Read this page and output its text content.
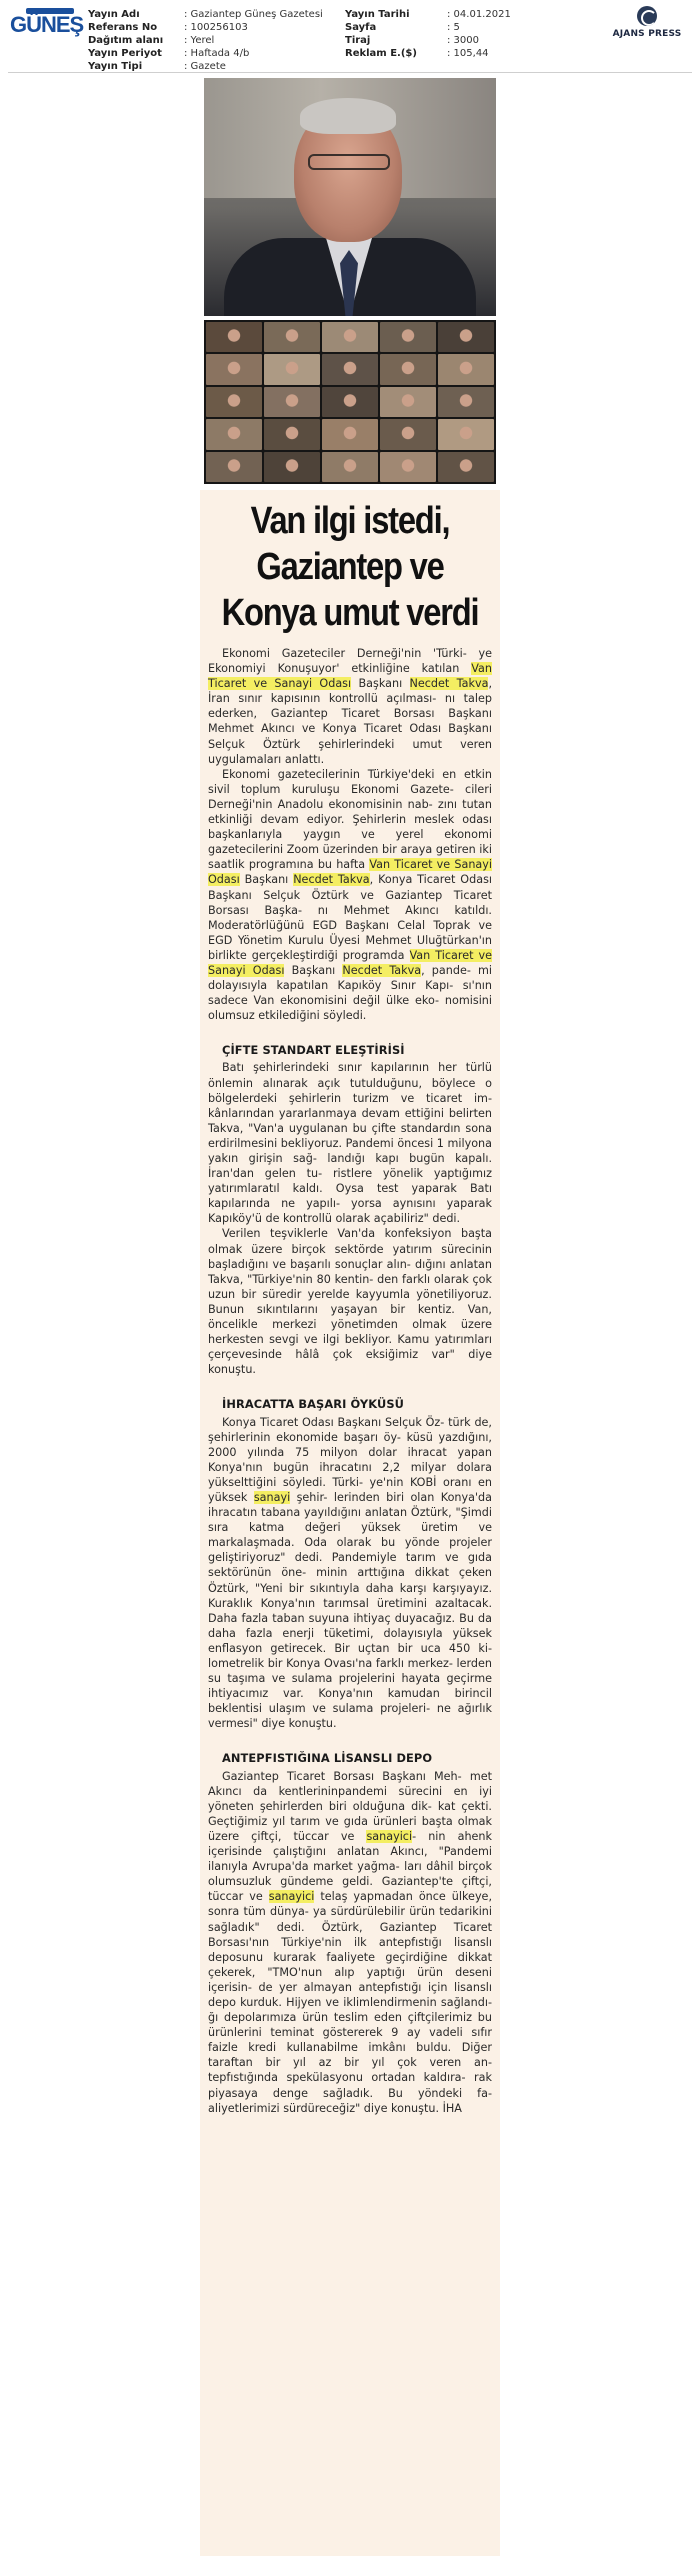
GÜNEŞ Yayın Adı	: Gaziantep Güneş Gazetesi
Referans No	: 100256103
Dağıtım alanı	: Yerel
Yayın Periyot	: Haftada 4/b
Yayın Tipi	: Gazete
Yayın Tarihi	: 04.01.2021
Sayfa	: 5
Tiraj	: 3000
Reklam E.($)	: 105,44
AJANS PRESS
Van ilgi istedi,
Gaziantep ve
Konya umut verdi

Ekonomi Gazeteciler Derneği'nin 'Türki- ye Ekonomiyi Konuşuyor' etkinliğine katılan Van Ticaret ve Sanayi Odası Başkanı Necdet Takva, İran sınır kapısının kontrollü açılması- nı talep ederken, Gaziantep Ticaret Borsası Başkanı Mehmet Akıncı ve Konya Ticaret Odası Başkanı Selçuk Öztürk şehirlerindeki umut veren uygulamaları anlattı.

Ekonomi gazetecilerinin Türkiye'deki en etkin sivil toplum kuruluşu Ekonomi Gazete- cileri Derneği'nin Anadolu ekonomisinin nab- zını tutan etkinliği devam ediyor. Şehirlerin meslek odası başkanlarıyla yaygın ve yerel ekonomi gazetecilerini Zoom üzerinden bir araya getiren iki saatlik programına bu hafta Van Ticaret ve Sanayi Odası Başkanı Necdet Takva, Konya Ticaret Odası Başkanı Selçuk Öztürk ve Gaziantep Ticaret Borsası Başka- nı Mehmet Akıncı katıldı. Moderatörlüğünü EGD Başkanı Celal Toprak ve EGD Yönetim Kurulu Üyesi Mehmet Uluğtürkan'ın birlikte gerçekleştirdiği programda Van Ticaret ve Sanayi Odası Başkanı Necdet Takva, pande- mi dolayısıyla kapatılan Kapıköy Sınır Kapı- sı'nın sadece Van ekonomisini değil ülke eko- nomisini olumsuz etkilediğini söyledi.

ÇİFTE STANDART ELEŞTİRİSİ

Batı şehirlerindeki sınır kapılarının her türlü önlemin alınarak açık tutulduğunu, böylece o bölgelerdeki şehirlerin turizm ve ticaret im- kânlarından yararlanmaya devam ettiğini belirten Takva, "Van'a uygulanan bu çifte standardın sona erdirilmesini bekliyoruz. Pandemi öncesi 1 milyona yakın girişin sağ- landığı kapı bugün kapalı. İran'dan gelen tu- ristlere yönelik yaptığımız yatırımlaratıl kaldı. Oysa test yaparak Batı kapılarında ne yapılı- yorsa aynısını yaparak Kapıköy'ü de kontrollü olarak açabiliriz" dedi.

Verilen teşviklerle Van'da konfeksiyon başta olmak üzere birçok sektörde yatırım sürecinin başladığını ve başarılı sonuçlar alın- dığını anlatan Takva, "Türkiye'nin 80 kentin- den farklı olarak çok uzun bir süredir yerelde kayyumla yönetiliyoruz. Bunun sıkıntılarını yaşayan bir kentiz. Van, öncelikle merkezi yönetimden olmak üzere herkesten sevgi ve ilgi bekliyor. Kamu yatırımları çerçevesinde hâlâ çok eksiğimiz var" diye konuştu.

İHRACATTA BAŞARI ÖYKÜSÜ

Konya Ticaret Odası Başkanı Selçuk Öz- türk de, şehirlerinin ekonomide başarı öy- küsü yazdığını, 2000 yılında 75 milyon dolar ihracat yapan Konya'nın bugün ihracatını 2,2 milyar dolara yükselttiğini söyledi. Türki- ye'nin KOBİ oranı en yüksek sanayi şehir- lerinden biri olan Konya'da ihracatın tabana yayıldığını anlatan Öztürk, "Şimdi sıra katma değeri yüksek üretim ve markalaşmada. Oda olarak bu yönde projeler geliştiriyoruz" dedi. Pandemiyle tarım ve gıda sektörünün öne- minin arttığına dikkat çeken Öztürk, "Yeni bir sıkıntıyla daha karşı karşıyayız. Kuraklık Konya'nın tarımsal üretimini azaltacak. Daha fazla taban suyuna ihtiyaç duyacağız. Bu da daha fazla enerji tüketimi, dolayısıyla yüksek enflasyon getirecek. Bir uçtan bir uca 450 ki- lometrelik bir Konya Ovası'na farklı merkez- lerden su taşıma ve sulama projelerini hayata geçirme ihtiyacımız var. Konya'nın kamudan birincil beklentisi ulaşım ve sulama projeleri- ne ağırlık vermesi" diye konuştu.

ANTEPFISTIĞINA LİSANSLI DEPO

Gaziantep Ticaret Borsası Başkanı Meh- met Akıncı da kentlerininpandemi sürecini en iyi yöneten şehirlerden biri olduğuna dik- kat çekti. Geçtiğimiz yıl tarım ve gıda ürünleri başta olmak üzere çiftçi, tüccar ve sanayici- nin ahenk içerisinde çalıştığını anlatan Akıncı, "Pandemi ilanıyla Avrupa'da market yağma- ları dâhil birçok olumsuzluk gündeme geldi. Gaziantep'te çiftçi, tüccar ve sanayici telaş yapmadan önce ülkeye, sonra tüm dünya- ya sürdürülebilir ürün tedarikini sağladık" dedi. Öztürk, Gaziantep Ticaret Borsası'nın Türkiye'nin ilk antepfıstığı lisanslı deposunu kurarak faaliyete geçirdiğine dikkat çekerek, "TMO'nun alıp yaptığı ürün deseni içerisin- de yer almayan antepfıstığı için lisanslı depo kurduk. Hijyen ve iklimlendirmenin sağlandı- ğı depolarımıza ürün teslim eden çiftçilerimiz bu ürünlerini teminat göstererek 9 ay vadeli sıfır faizle kredi kullanabilme imkânı buldu. Diğer taraftan bir yıl az bir yıl çok veren an- tepfıstığında spekülasyonu ortadan kaldıra- rak piyasaya denge sağladık. Bu yöndeki fa- aliyetlerimizi sürdüreceğiz" diye konuştu. İHA
